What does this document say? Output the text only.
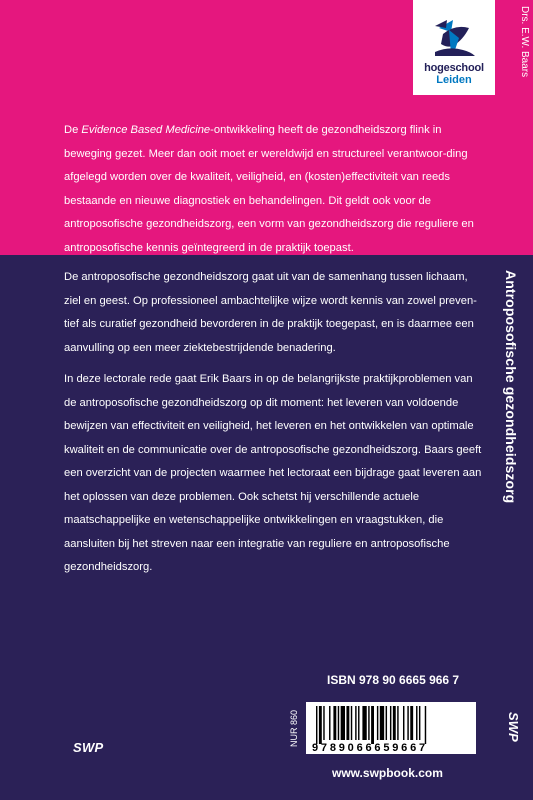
hogeschool
Leiden
Drs. E.W. Baars
Antroposofische gezondheidszorg

De Evidence Based Medicine-ontwikkeling heeft de gezondheidszorg flink in beweging gezet. Meer dan ooit moet er wereldwijd en structureel verantwoor-ding afgelegd worden over de kwaliteit, veiligheid, en (kosten)effectiviteit van reeds bestaande en nieuwe diagnostiek en behandelingen. Dit geldt ook voor de antroposofische gezondheidszorg, een vorm van gezondheidszorg die reguliere en antroposofische kennis geïntegreerd in de praktijk toepast.

De antroposofische gezondheidszorg gaat uit van de samenhang tussen lichaam, ziel en geest. Op professioneel ambachtelijke wijze wordt kennis van zowel preven-tief als curatief gezondheid bevorderen in de praktijk toegepast, en is daarmee een aanvulling op een meer ziektebestrijdende benadering.

In deze lectorale rede gaat Erik Baars in op de belangrijkste praktijkproblemen van de antroposofische gezondheidszorg op dit moment: het leveren van voldoende bewijzen van effectiviteit en veiligheid, het leveren en het ontwikkelen van optimale kwaliteit en de communicatie over de antroposofische gezondheidszorg. Baars geeft een overzicht van de projecten waarmee het lectoraat een bijdrage gaat leveren aan het oplossen van deze problemen. Ook schetst hij verschillende actuele maatschappelijke en wetenschappelijke ontwikkelingen en vraagstukken, die aansluiten bij het streven naar een integratie van reguliere en antroposofische gezondheidszorg.

ISBN 978 90 6665 966 7
NUR 860
9789066659667
www.swpbook.com
SWP
SWP
